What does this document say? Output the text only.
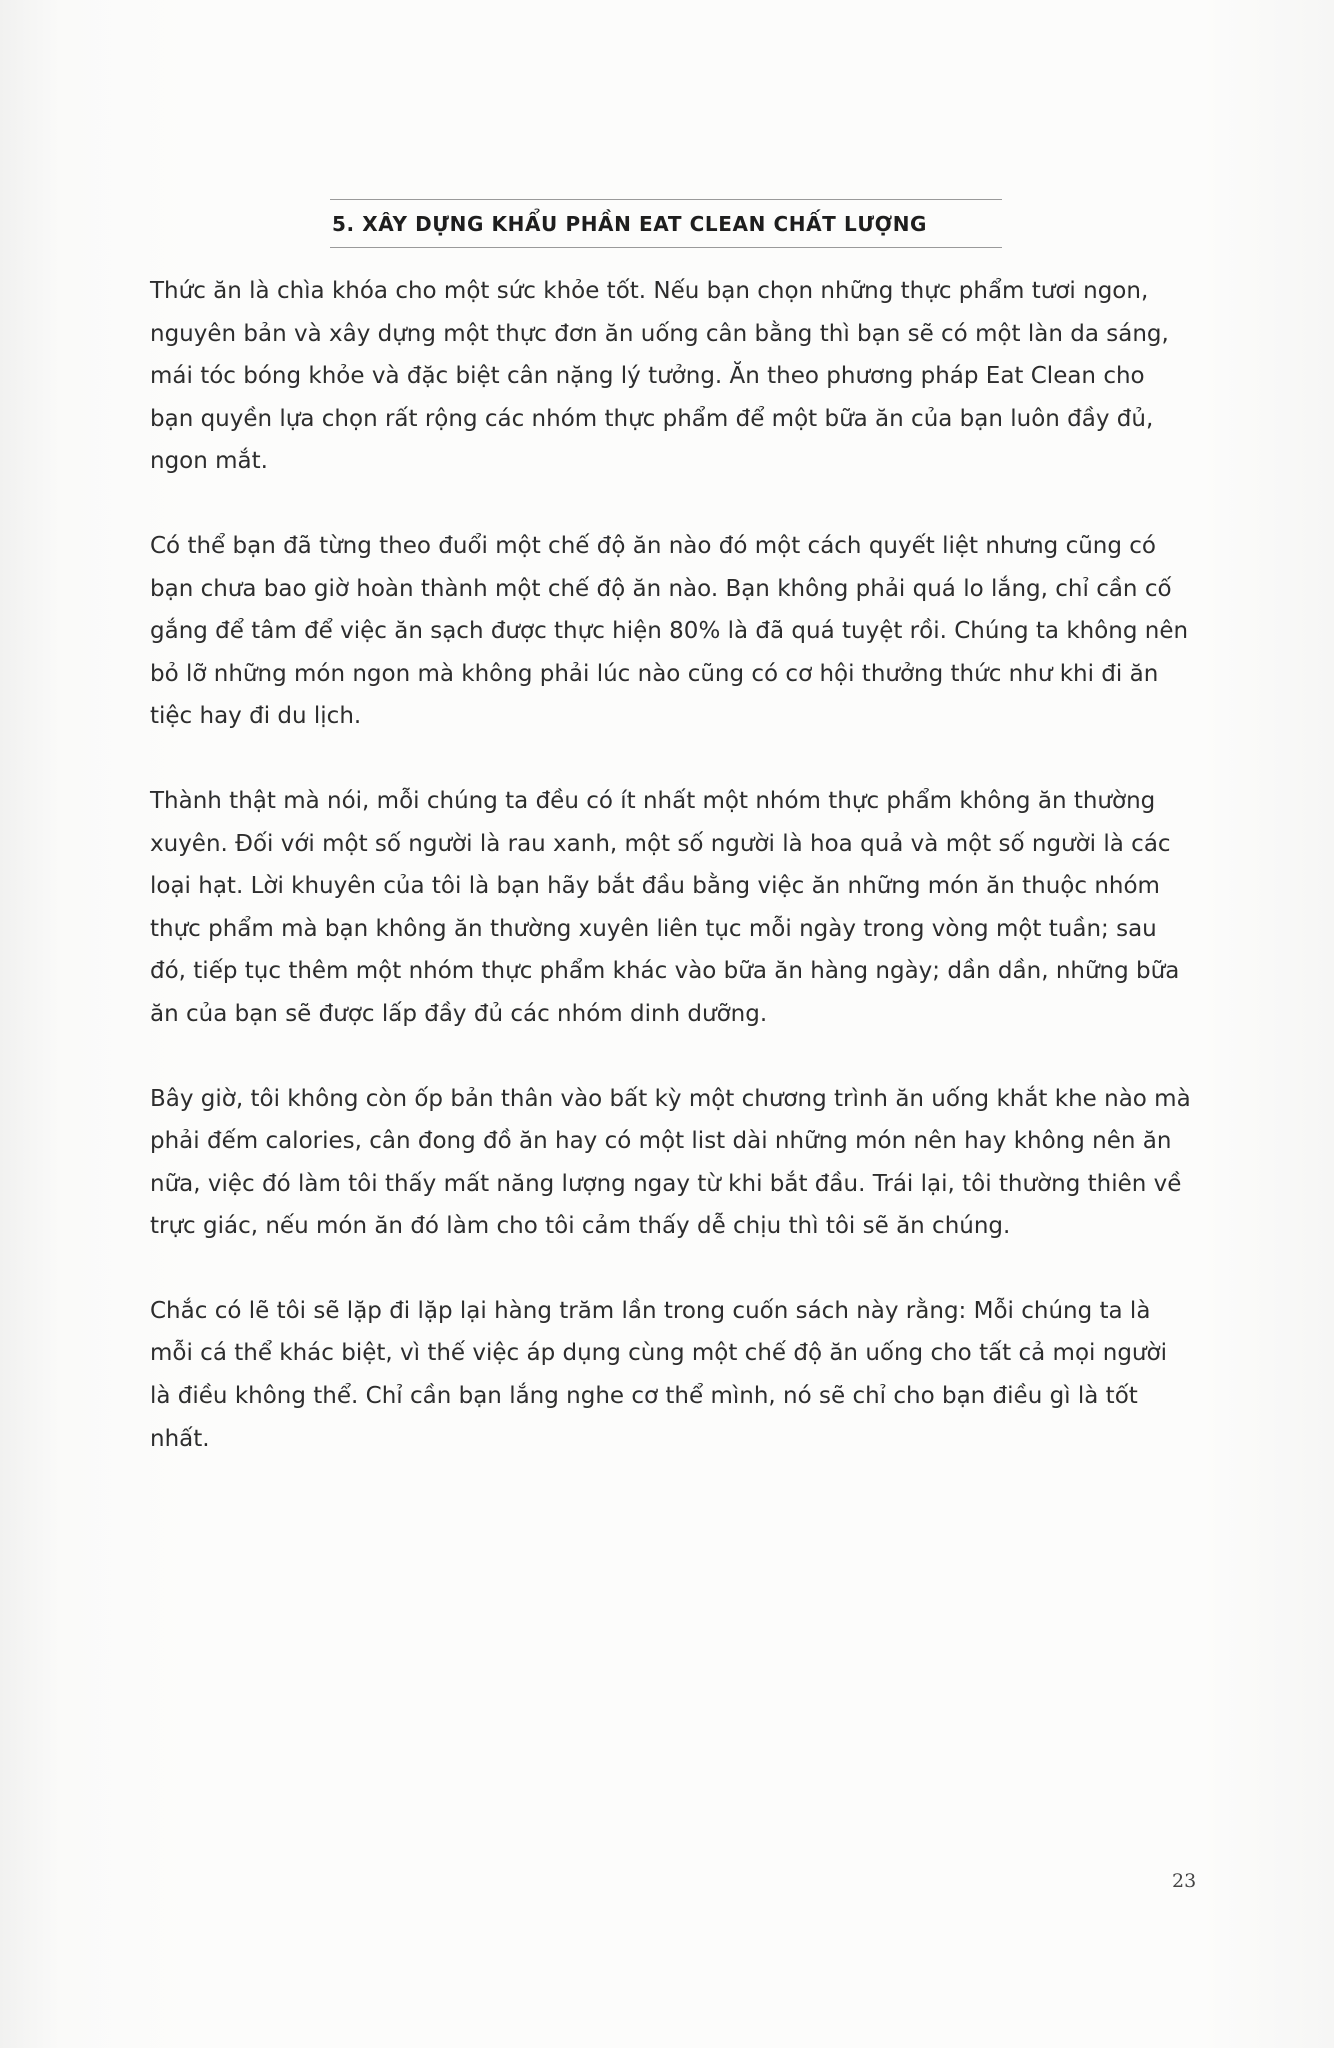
5. XÂY DỰNG KHẨU PHẦN EAT CLEAN CHẤT LƯỢNG

Thức ăn là chìa khóa cho một sức khỏe tốt. Nếu bạn chọn những thực phẩm tươi ngon, nguyên bản và xây dựng một thực đơn ăn uống cân bằng thì bạn sẽ có một làn da sáng, mái tóc bóng khỏe và đặc biệt cân nặng lý tưởng. Ăn theo phương pháp Eat Clean cho bạn quyền lựa chọn rất rộng các nhóm thực phẩm để một bữa ăn của bạn luôn đầy đủ, ngon mắt.

Có thể bạn đã từng theo đuổi một chế độ ăn nào đó một cách quyết liệt nhưng cũng có bạn chưa bao giờ hoàn thành một chế độ ăn nào. Bạn không phải quá lo lắng, chỉ cần cố gắng để tâm để việc ăn sạch được thực hiện 80% là đã quá tuyệt rồi. Chúng ta không nên bỏ lỡ những món ngon mà không phải lúc nào cũng có cơ hội thưởng thức như khi đi ăn tiệc hay đi du lịch.

Thành thật mà nói, mỗi chúng ta đều có ít nhất một nhóm thực phẩm không ăn thường xuyên. Đối với một số người là rau xanh, một số người là hoa quả và một số người là các loại hạt. Lời khuyên của tôi là bạn hãy bắt đầu bằng việc ăn những món ăn thuộc nhóm thực phẩm mà bạn không ăn thường xuyên liên tục mỗi ngày trong vòng một tuần; sau đó, tiếp tục thêm một nhóm thực phẩm khác vào bữa ăn hàng ngày; dần dần, những bữa ăn của bạn sẽ được lấp đầy đủ các nhóm dinh dưỡng.

Bây giờ, tôi không còn ốp bản thân vào bất kỳ một chương trình ăn uống khắt khe nào mà phải đếm calories, cân đong đồ ăn hay có một list dài những món nên hay không nên ăn nữa, việc đó làm tôi thấy mất năng lượng ngay từ khi bắt đầu. Trái lại, tôi thường thiên về trực giác, nếu món ăn đó làm cho tôi cảm thấy dễ chịu thì tôi sẽ ăn chúng.

Chắc có lẽ tôi sẽ lặp đi lặp lại hàng trăm lần trong cuốn sách này rằng: Mỗi chúng ta là mỗi cá thể khác biệt, vì thế việc áp dụng cùng một chế độ ăn uống cho tất cả mọi người là điều không thể. Chỉ cần bạn lắng nghe cơ thể mình, nó sẽ chỉ cho bạn điều gì là tốt nhất.

23
